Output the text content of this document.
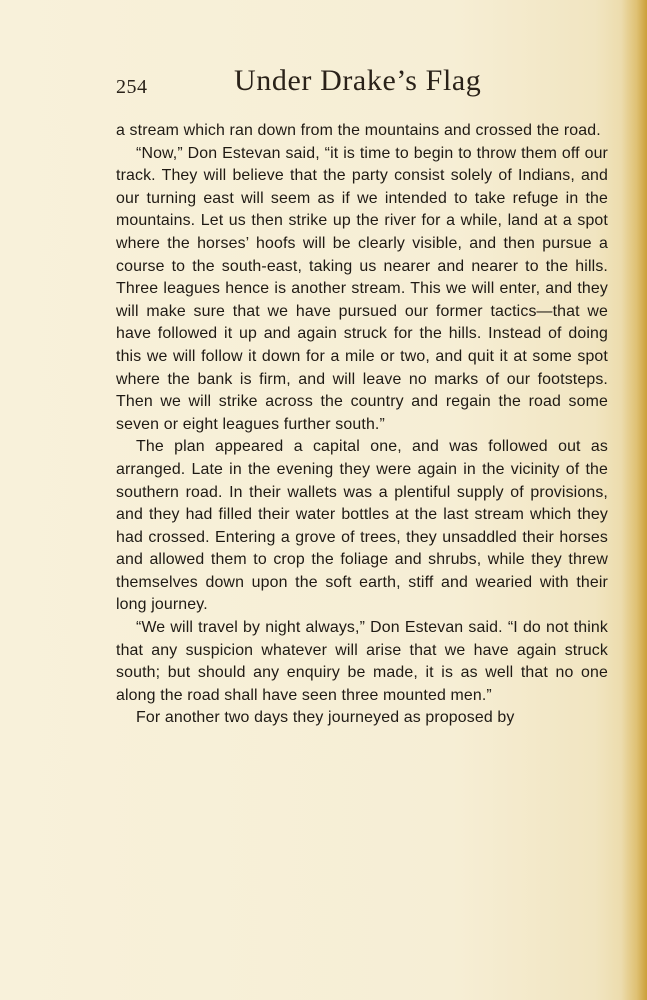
254	Under Drake’s Flag

a stream which ran down from the mountains and crossed the road.

“Now,” Don Estevan said, “it is time to begin to throw them off our track. They will believe that the party consist solely of Indians, and our turning east will seem as if we intended to take refuge in the mountains. Let us then strike up the river for a while, land at a spot where the horses’ hoofs will be clearly visible, and then pursue a course to the south-east, taking us nearer and nearer to the hills. Three leagues hence is another stream. This we will enter, and they will make sure that we have pursued our former tactics—that we have followed it up and again struck for the hills. Instead of doing this we will follow it down for a mile or two, and quit it at some spot where the bank is firm, and will leave no marks of our footsteps. Then we will strike across the country and regain the road some seven or eight leagues further south.”

The plan appeared a capital one, and was followed out as arranged. Late in the evening they were again in the vicinity of the southern road. In their wallets was a plentiful supply of provisions, and they had filled their water bottles at the last stream which they had crossed. Entering a grove of trees, they unsaddled their horses and allowed them to crop the foliage and shrubs, while they threw themselves down upon the soft earth, stiff and wearied with their long journey.

“We will travel by night always,” Don Estevan said. “I do not think that any suspicion whatever will arise that we have again struck south; but should any enquiry be made, it is as well that no one along the road shall have seen three mounted men.”

For another two days they journeyed as proposed by
